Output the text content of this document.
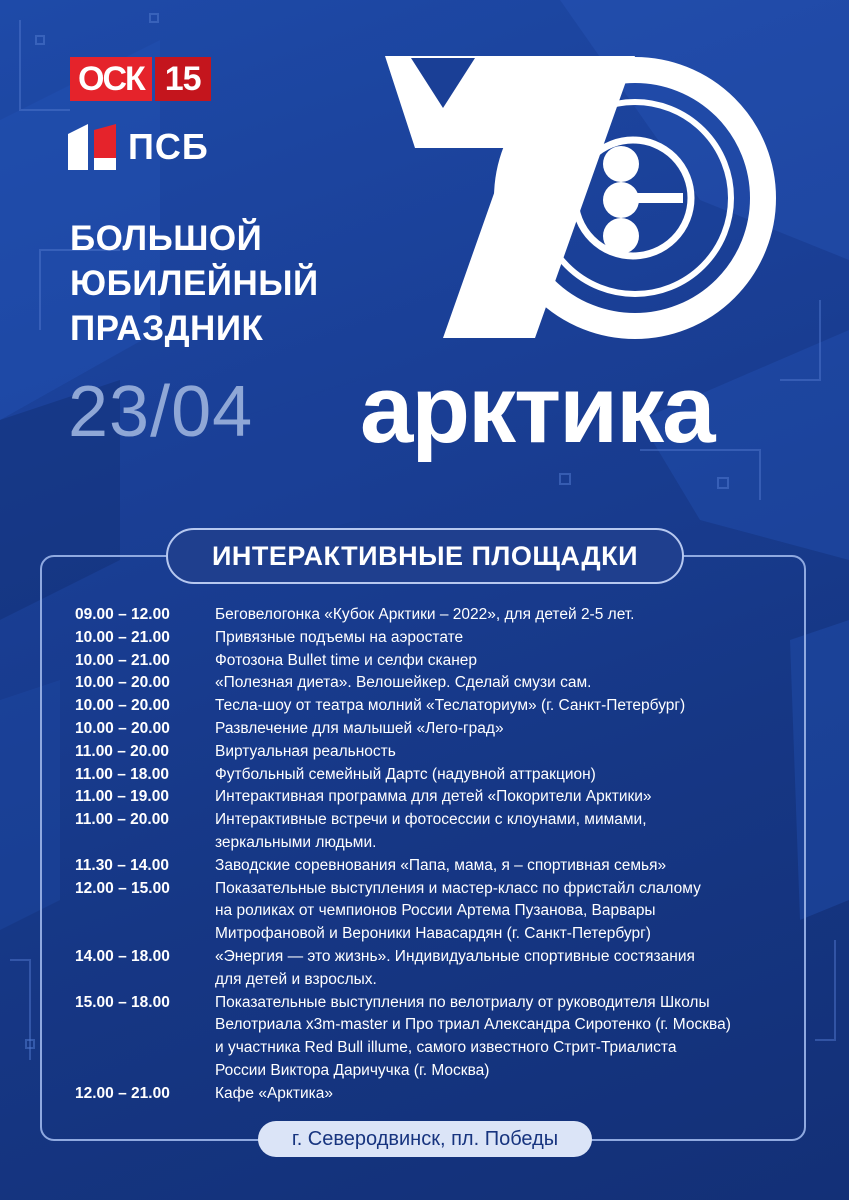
ОСК 15
ПСБ
БОЛЬШОЙ
ЮБИЛЕЙНЫЙ
ПРАЗДНИК
23/04 арктика
ИНТЕРАКТИВНЫЕ ПЛОЩАДКИ
09.00 – 12.00	Беговелогонка «Кубок Арктики – 2022», для детей 2-5 лет.
10.00 – 21.00	Привязные подъемы на аэростате
10.00 – 21.00	Фотозона Bullet time и селфи сканер
10.00 – 20.00	«Полезная диета». Велошейкер. Сделай смузи сам.
10.00 – 20.00	Тесла-шоу от театра молний «Теслаториум» (г. Санкт-Петербург)
10.00 – 20.00	Развлечение для малышей «Лего-град»
11.00 – 20.00	Виртуальная реальность
11.00 – 18.00	Футбольный семейный Дартс (надувной аттракцион)
11.00 – 19.00	Интерактивная программа для детей «Покорители Арктики»
11.00 – 20.00	Интерактивные встречи и фотосессии с клоунами, мимами,
зеркальными людьми.
11.30 – 14.00	Заводские соревнования «Папа, мама, я – спортивная семья»
12.00 – 15.00	Показательные выступления и мастер-класс по фристайл слалому
на роликах от чемпионов России Артема Пузанова, Варвары
Митрофановой и Вероники Навасардян (г. Санкт-Петербург)
14.00 – 18.00	«Энергия — это жизнь». Индивидуальные спортивные состязания
для детей и взрослых.
15.00 – 18.00	Показательные выступления по велотриалу от руководителя Школы
Велотриала x3m-master и Про триал Александра Сиротенко (г. Москва)
и участника Red Bull illume, самого известного Стрит-Триалиста
России Виктора Даричучка (г. Москва)
12.00 – 21.00	Кафе «Арктика»
г. Северодвинск, пл. Победы
